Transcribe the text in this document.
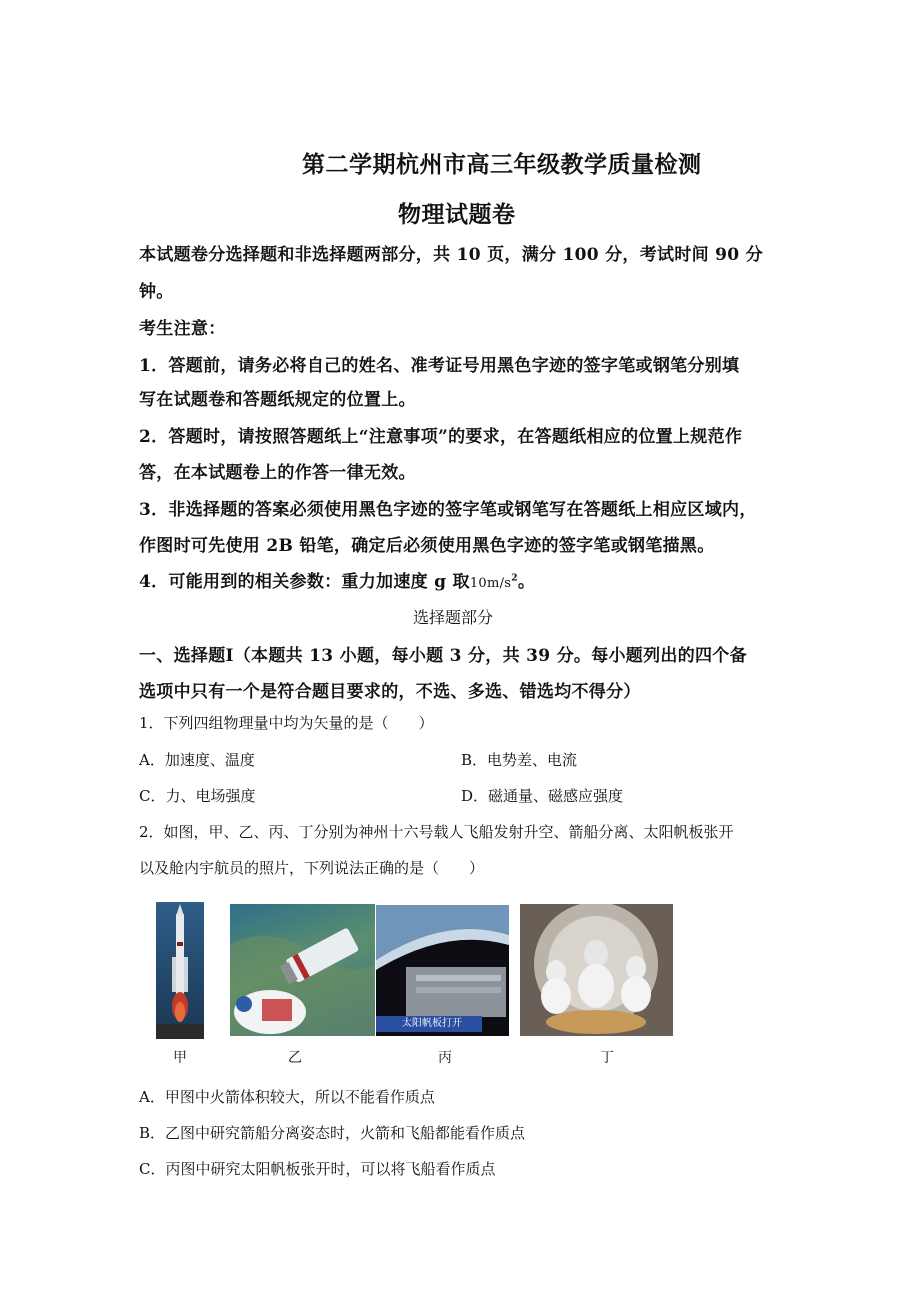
第二学期杭州市高三年级教学质量检测
物理试题卷
本试题卷分选择题和非选择题两部分，共 10 页，满分 100 分，考试时间 90 分
钟。
考生注意：
1．答题前，请务必将自己的姓名、准考证号用黑色字迹的签字笔或钢笔分别填
写在试题卷和答题纸规定的位置上。
2．答题时，请按照答题纸上“注意事项”的要求，在答题纸相应的位置上规范作
答，在本试题卷上的作答一律无效。
3．非选择题的答案必须使用黑色字迹的签字笔或钢笔写在答题纸上相应区域内，
作图时可先使用 2B 铅笔，确定后必须使用黑色字迹的签字笔或钢笔描黑。
4．可能用到的相关参数：重力加速度 g 取$10m/s^2$。
选择题部分
一、选择题Ⅰ（本题共 13 小题，每小题 3 分，共 39 分。每小题列出的四个备
选项中只有一个是符合题目要求的，不选、多选、错选均不得分）
1．下列四组物理量中均为矢量的是（　　）
A．加速度、温度	B．电势差、电流
C．力、电场强度	D．磁通量、磁感应强度
2．如图，甲、乙、丙、丁分别为神州十六号载人飞船发射升空、箭船分离、太阳帆板张开
以及舱内宇航员的照片，下列说法正确的是（　　）
太阳帆板打开
甲	乙	丙	丁
A．甲图中火箭体积较大，所以不能看作质点
B．乙图中研究箭船分离姿态时，火箭和飞船都能看作质点
C．丙图中研究太阳帆板张开时，可以将飞船看作质点
